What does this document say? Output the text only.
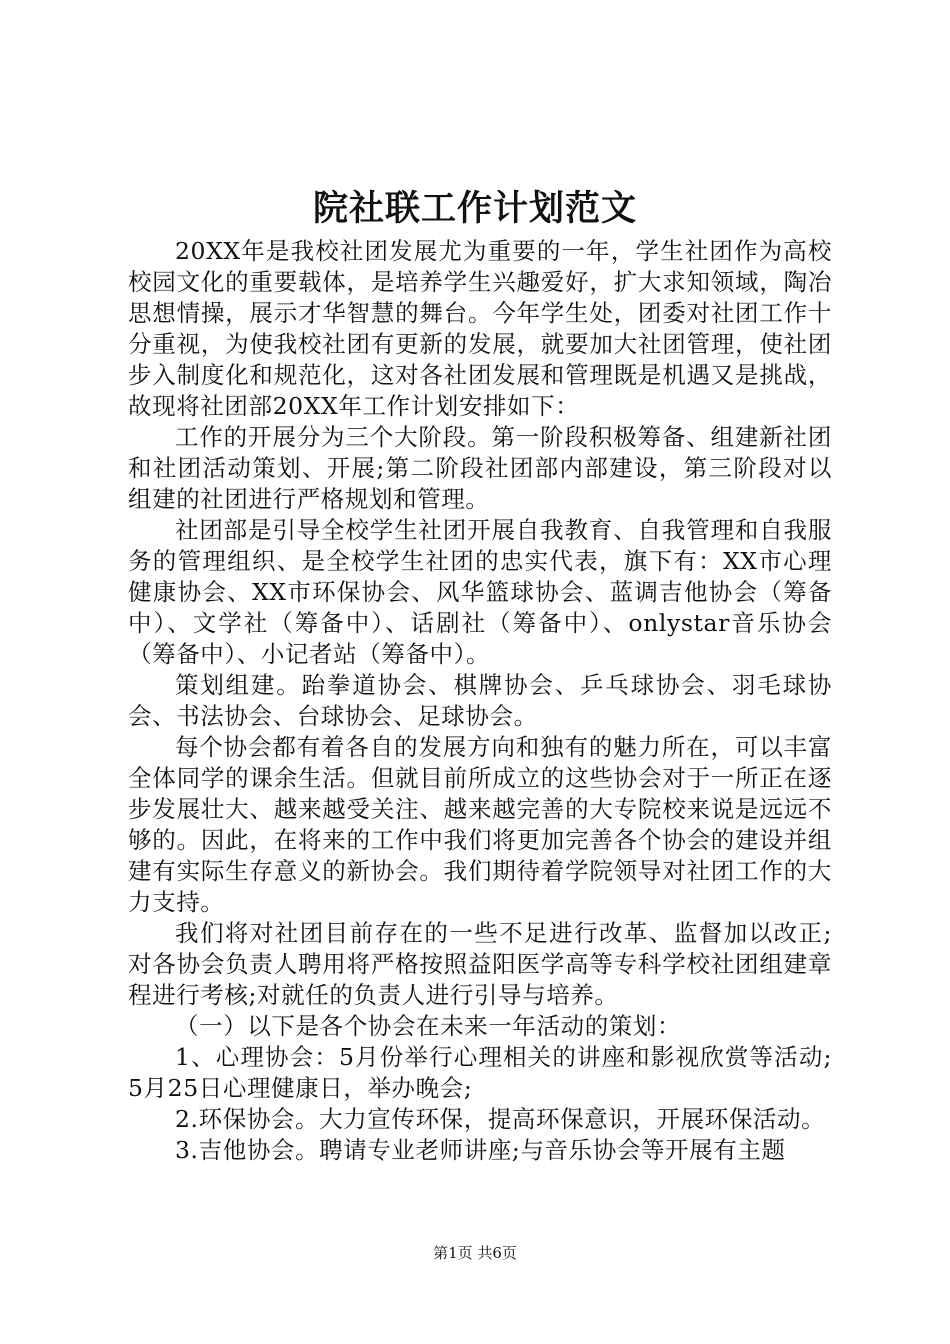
院社联工作计划范文

20XX年是我校社团发展尤为重要的一年，学生社团作为高校校园文化的重要载体，是培养学生兴趣爱好，扩大求知领域，陶冶思想情操，展示才华智慧的舞台。今年学生处，团委对社团工作十分重视，为使我校社团有更新的发展，就要加大社团管理，使社团步入制度化和规范化，这对各社团发展和管理既是机遇又是挑战，故现将社团部20XX年工作计划安排如下：

工作的开展分为三个大阶段。第一阶段积极筹备、组建新社团和社团活动策划、开展;第二阶段社团部内部建设，第三阶段对以组建的社团进行严格规划和管理。

社团部是引导全校学生社团开展自我教育、自我管理和自我服务的管理组织、是全校学生社团的忠实代表，旗下有：XX市心理健康协会、XX市环保协会、风华篮球协会、蓝调吉他协会（筹备中）、文学社（筹备中）、话剧社（筹备中）、onlystar音乐协会（筹备中）、小记者站（筹备中）。

策划组建。跆拳道协会、棋牌协会、乒乓球协会、羽毛球协会、书法协会、台球协会、足球协会。

每个协会都有着各自的发展方向和独有的魅力所在，可以丰富全体同学的课余生活。但就目前所成立的这些协会对于一所正在逐步发展壮大、越来越受关注、越来越完善的大专院校来说是远远不够的。因此，在将来的工作中我们将更加完善各个协会的建设并组建有实际生存意义的新协会。我们期待着学院领导对社团工作的大力支持。

我们将对社团目前存在的一些不足进行改革、监督加以改正;对各协会负责人聘用将严格按照益阳医学高等专科学校社团组建章程进行考核;对就任的负责人进行引导与培养。

（一）以下是各个协会在未来一年活动的策划：

1、心理协会：5月份举行心理相关的讲座和影视欣赏等活动;5月25日心理健康日，举办晚会;

2.环保协会。大力宣传环保，提高环保意识，开展环保活动。

3.吉他协会。聘请专业老师讲座;与音乐协会等开展有主题

第1页 共6页
